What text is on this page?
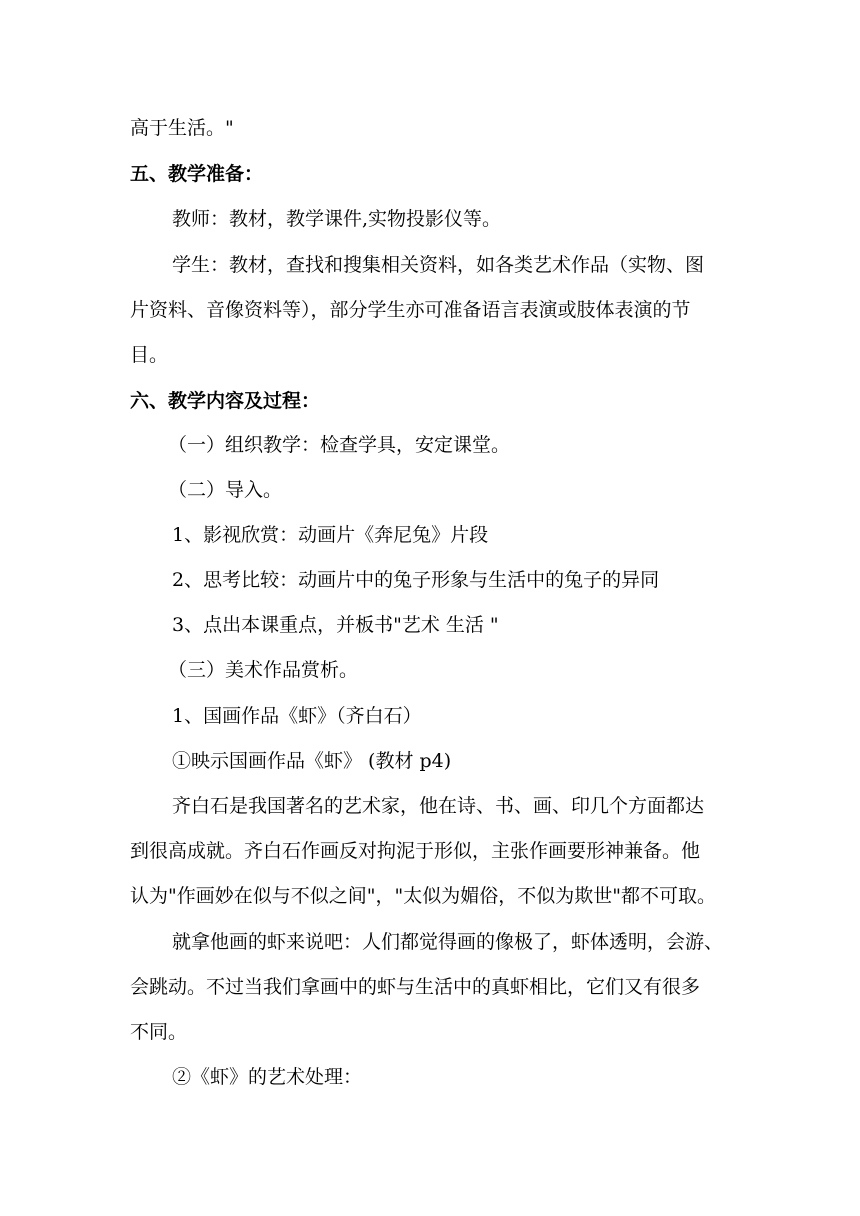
高于生活。"
五、教学准备：
教师：教材，教学课件,实物投影仪等。
学生：教材，查找和搜集相关资料，如各类艺术作品（实物、图
片资料、音像资料等），部分学生亦可准备语言表演或肢体表演的节
目。
六、教学内容及过程：
（一）组织教学：检查学具，安定课堂。
（二）导入。
1、影视欣赏：动画片《奔尼兔》片段
2、思考比较：动画片中的兔子形象与生活中的兔子的异同
3、点出本课重点，并板书"艺术 生活 "
（三）美术作品赏析。
1、国画作品《虾》（齐白石）
①映示国画作品《虾》 (教材 p4)
齐白石是我国著名的艺术家，他在诗、书、画、印几个方面都达
到很高成就。齐白石作画反对拘泥于形似，主张作画要形神兼备。他
认为"作画妙在似与不似之间"，"太似为媚俗，不似为欺世"都不可取。
就拿他画的虾来说吧：人们都觉得画的像极了，虾体透明，会游、
会跳动。不过当我们拿画中的虾与生活中的真虾相比，它们又有很多
不同。
②《虾》的艺术处理：
